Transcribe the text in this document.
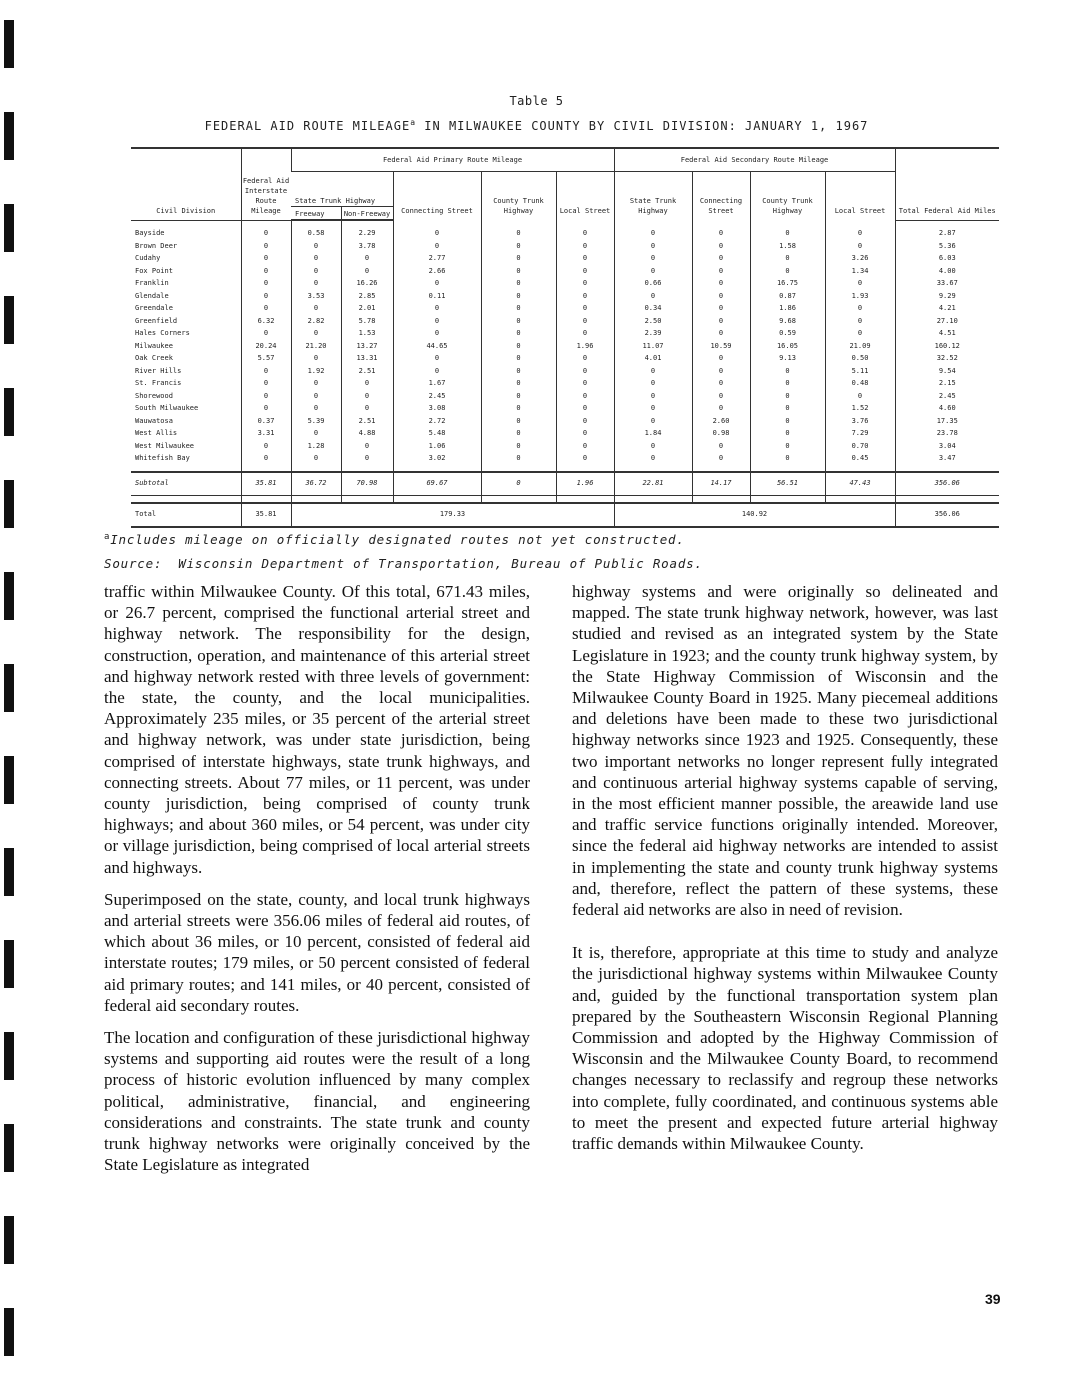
Table 5
FEDERAL AID ROUTE MILEAGE$^a$ IN MILWAUKEE COUNTY BY CIVIL DIVISION: JANUARY 1, 1967
Civil Division	Federal Aid Interstate Route Mileage	Federal Aid Primary Route Mileage					Federal Aid Secondary Route Mileage				Total Federal Aid Miles
		State Trunk Highway		Connecting Street	County Trunk Highway	Local Street	State Trunk Highway	Connecting Street	County Trunk Highway	Local Street	
		Freeway	Non-Freeway								

Bayside	0	0.58	2.29	0	0	0	0	0	0	0	2.87
Brown Deer	0	0	3.78	0	0	0	0	0	1.58	0	5.36
Cudahy	0	0	0	2.77	0	0	0	0	0	3.26	6.03
Fox Point	0	0	0	2.66	0	0	0	0	0	1.34	4.00
Franklin	0	0	16.26	0	0	0	0.66	0	16.75	0	33.67
Glendale	0	3.53	2.85	0.11	0	0	0	0	0.87	1.93	9.29
Greendale	0	0	2.01	0	0	0	0.34	0	1.86	0	4.21
Greenfield	6.32	2.82	5.78	0	0	0	2.50	0	9.68	0	27.10
Hales Corners	0	0	1.53	0	0	0	2.39	0	0.59	0	4.51
Milwaukee	20.24	21.20	13.27	44.65	0	1.96	11.07	10.59	16.05	21.09	160.12
Oak Creek	5.57	0	13.31	0	0	0	4.01	0	9.13	0.50	32.52
River Hills	0	1.92	2.51	0	0	0	0	0	0	5.11	9.54
St. Francis	0	0	0	1.67	0	0	0	0	0	0.48	2.15
Shorewood	0	0	0	2.45	0	0	0	0	0	0	2.45
South Milwaukee	0	0	0	3.08	0	0	0	0	0	1.52	4.60
Wauwatosa	0.37	5.39	2.51	2.72	0	0	0	2.60	0	3.76	17.35
West Allis	3.31	0	4.88	5.48	0	0	1.84	0.98	0	7.29	23.78
West Milwaukee	0	1.28	0	1.06	0	0	0	0	0	0.70	3.04
Whitefish Bay	0	0	0	3.02	0	0	0	0	0	0.45	3.47

Subtotal	35.81	36.72	70.98	69.67	0	1.96	22.81	14.17	56.51	47.43	356.06

Total	35.81	179.33					140.92				356.06
$^a$Includes mileage on officially designated routes not yet constructed.
Source: Wisconsin Department of Transportation, Bureau of Public Roads.

traffic within Milwaukee County. Of this total, 671.43 miles, or 26.7 percent, comprised the functional arterial street and highway network. The responsibility for the design, construction, operation, and maintenance of this arterial street and highway network rested with three levels of government: the state, the county, and the local municipalities. Approximately 235 miles, or 35 percent of the arterial street and highway network, was under state jurisdiction, being comprised of interstate highways, state trunk highways, and connecting streets. About 77 miles, or 11 percent, was under county jurisdiction, being comprised of county trunk highways; and about 360 miles, or 54 percent, was under city or village jurisdiction, being comprised of local arterial streets and highways.

Superimposed on the state, county, and local trunk highways and arterial streets were 356.06 miles of federal aid routes, of which about 36 miles, or 10 percent, consisted of federal aid interstate routes; 179 miles, or 50 percent consisted of federal aid primary routes; and 141 miles, or 40 percent, consisted of federal aid secondary routes.

The location and configuration of these jurisdictional highway systems and supporting aid routes were the result of a long process of historic evolution influenced by many complex political, administrative, financial, and engineering considerations and constraints. The state trunk and county trunk highway networks were originally conceived by the State Legislature as integrated

highway systems and were originally so delineated and mapped. The state trunk highway network, however, was last studied and revised as an integrated system by the State Legislature in 1923; and the county trunk highway system, by the State Highway Commission of Wisconsin and the Milwaukee County Board in 1925. Many piecemeal additions and deletions have been made to these two jurisdictional highway networks since 1923 and 1925. Consequently, these two important networks no longer represent fully integrated and continuous arterial highway systems capable of serving, in the most efficient manner possible, the areawide land use and traffic service functions originally intended. Moreover, since the federal aid highway networks are intended to assist in implementing the state and county trunk highway systems and, therefore, reflect the pattern of these systems, these federal aid networks are also in need of revision.

It is, therefore, appropriate at this time to study and analyze the jurisdictional highway systems within Milwaukee County and, guided by the functional transportation system plan prepared by the Southeastern Wisconsin Regional Planning Commission and adopted by the Highway Commission of Wisconsin and the Milwaukee County Board, to recommend changes necessary to reclassify and regroup these networks into complete, fully coordinated, and continuous systems able to meet the present and expected future arterial highway traffic demands within Milwaukee County.

39
